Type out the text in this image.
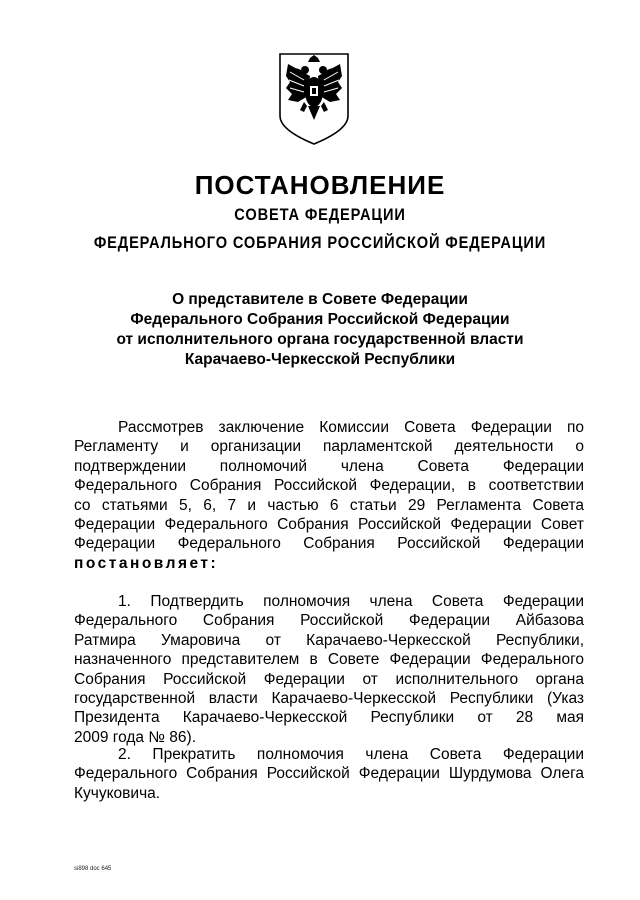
ПОСТАНОВЛЕНИЕ
СОВЕТА ФЕДЕРАЦИИ
ФЕДЕРАЛЬНОГО СОБРАНИЯ РОССИЙСКОЙ ФЕДЕРАЦИИ
О представителе в Совете Федерации
Федерального Собрания Российской Федерации
от исполнительного органа государственной власти
Карачаево-Черкесской Республики
Рассмотрев заключение Комиссии Совета Федерации по
Регламенту и организации парламентской деятельности о
подтверждении полномочий члена Совета Федерации
Федерального Собрания Российской Федерации, в соответствии
со статьями 5, 6, 7 и частью 6 статьи 29 Регламента Совета
Федерации Федерального Собрания Российской Федерации Совет
Федерации Федерального Собрания Российской Федерации
постановляет:
1. Подтвердить полномочия члена Совета Федерации
Федерального Собрания Российской Федерации Айбазова
Ратмира Умаровича от Карачаево-Черкесской Республики,
назначенного представителем в Совете Федерации Федерального
Собрания Российской Федерации от исполнительного органа
государственной власти Карачаево-Черкесской Республики (Указ
Президента Карачаево-Черкесской Республики от 28 мая
2009 года № 86).
2. Прекратить полномочия члена Совета Федерации
Федерального Собрания Российской Федерации Шурдумова Олега
Кучуковича.
si898 doc 645
